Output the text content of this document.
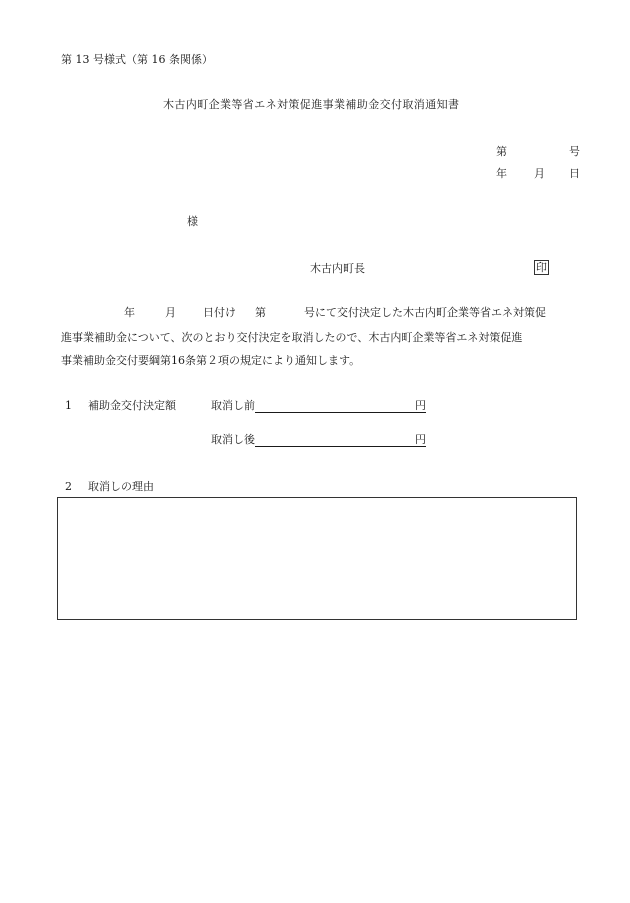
第 13 号様式（第 16 条関係）
木古内町企業等省エネ対策促進事業補助金交付取消通知書
第	号
年 月 日
様
木古内町長	印
年	月 日付け 第	号にて交付決定した木古内町企業等省エネ対策促
進事業補助金について、次のとおり交付決定を取消したので、木古内町企業等省エネ対策促進
事業補助金交付要綱第16条第２項の規定により通知します。
1 補助金交付決定額	取消し前	円
取消し後	円
2 取消しの理由
